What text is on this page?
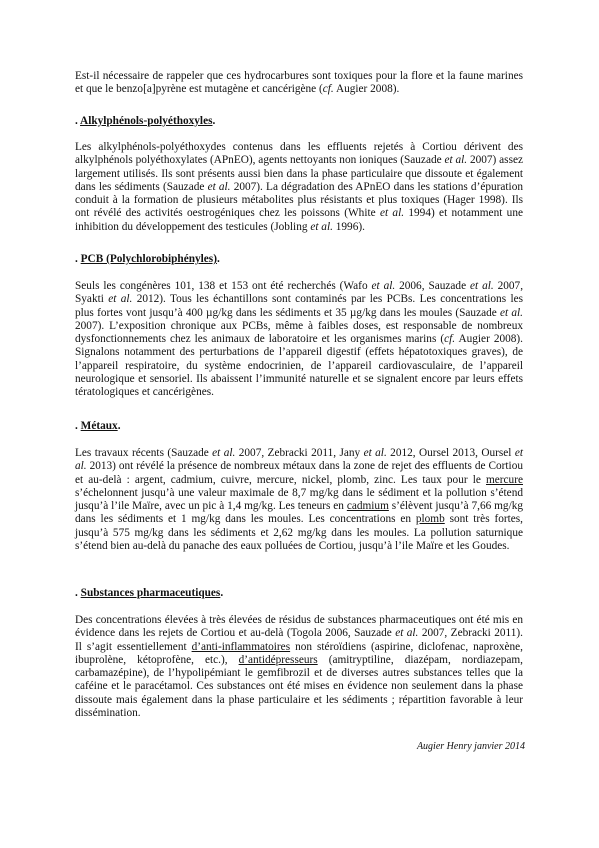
Est-il nécessaire de rappeler que ces hydrocarbures sont toxiques pour la flore et la faune marines et que le benzo[a]pyrène est mutagène et cancérigène (cf. Augier 2008).

. Alkylphénols-polyéthoxyles.

Les alkylphénols-polyéthoxydes contenus dans les effluents rejetés à Cortiou dérivent des alkylphénols polyéthoxylates (APnEO), agents nettoyants non ioniques (Sauzade et al. 2007) assez largement utilisés. Ils sont présents aussi bien dans la phase particulaire que dissoute et également dans les sédiments (Sauzade et al. 2007). La dégradation des APnEO dans les stations d’épuration conduit à la formation de plusieurs métabolites plus résistants et plus toxiques (Hager 1998). Ils ont révélé des activités oestrogéniques chez les poissons (White et al. 1994) et notamment une inhibition du développement des testicules (Jobling et al. 1996).

. PCB (Polychlorobiphényles).

Seuls les congénères 101, 138 et 153 ont été recherchés (Wafo et al. 2006, Sauzade et al. 2007, Syakti et al. 2012). Tous les échantillons sont contaminés par les PCBs. Les concentrations les plus fortes vont jusqu’à 400 µg/kg dans les sédiments et 35 µg/kg dans les moules (Sauzade et al. 2007). L’exposition chronique aux PCBs, même à faibles doses, est responsable de nombreux dysfonctionnements chez les animaux de laboratoire et les organismes marins (cf. Augier 2008). Signalons notamment des perturbations de l’appareil digestif (effets hépatotoxiques graves), de l’appareil respiratoire, du système endocrinien, de l’appareil cardiovasculaire, de l’appareil neurologique et sensoriel. Ils abaissent l’immunité naturelle et se signalent encore par leurs effets tératologiques et cancérigènes.

. Métaux.

Les travaux récents (Sauzade et al. 2007, Zebracki 2011, Jany et al. 2012, Oursel 2013, Oursel et al. 2013) ont révélé la présence de nombreux métaux dans la zone de rejet des effluents de Cortiou et au-delà : argent, cadmium, cuivre, mercure, nickel, plomb, zinc. Les taux pour le mercure s’échelonnent jusqu’à une valeur maximale de 8,7 mg/kg dans le sédiment et la pollution s’étend jusqu’à l’ile Maïre, avec un pic à 1,4 mg/kg. Les teneurs en cadmium s’élèvent jusqu’à 7,66 mg/kg dans les sédiments et 1 mg/kg dans les moules. Les concentrations en plomb sont très fortes, jusqu’à 575 mg/kg dans les sédiments et 2,62 mg/kg dans les moules. La pollution saturnique s’étend bien au-delà du panache des eaux polluées de Cortiou, jusqu’à l’ile Maïre et les Goudes.

. Substances pharmaceutiques.

Des concentrations élevées à très élevées de résidus de substances pharmaceutiques ont été mis en évidence dans les rejets de Cortiou et au-delà (Togola 2006, Sauzade et al. 2007, Zebracki 2011). Il s’agit essentiellement d’anti-inflammatoires non stéroïdiens (aspirine, diclofenac, naproxène, ibuprolène, kétoprofène, etc.), d’antidépresseurs (amitryptiline, diazépam, nordiazepam, carbamazépine), de l’hypolipémiant le gemfibrozil et de diverses autres substances telles que la caféine et le paracétamol. Ces substances ont été mises en évidence non seulement dans la phase dissoute mais également dans la phase particulaire et les sédiments ; répartition favorable à leur dissémination.

Augier Henry janvier 2014
